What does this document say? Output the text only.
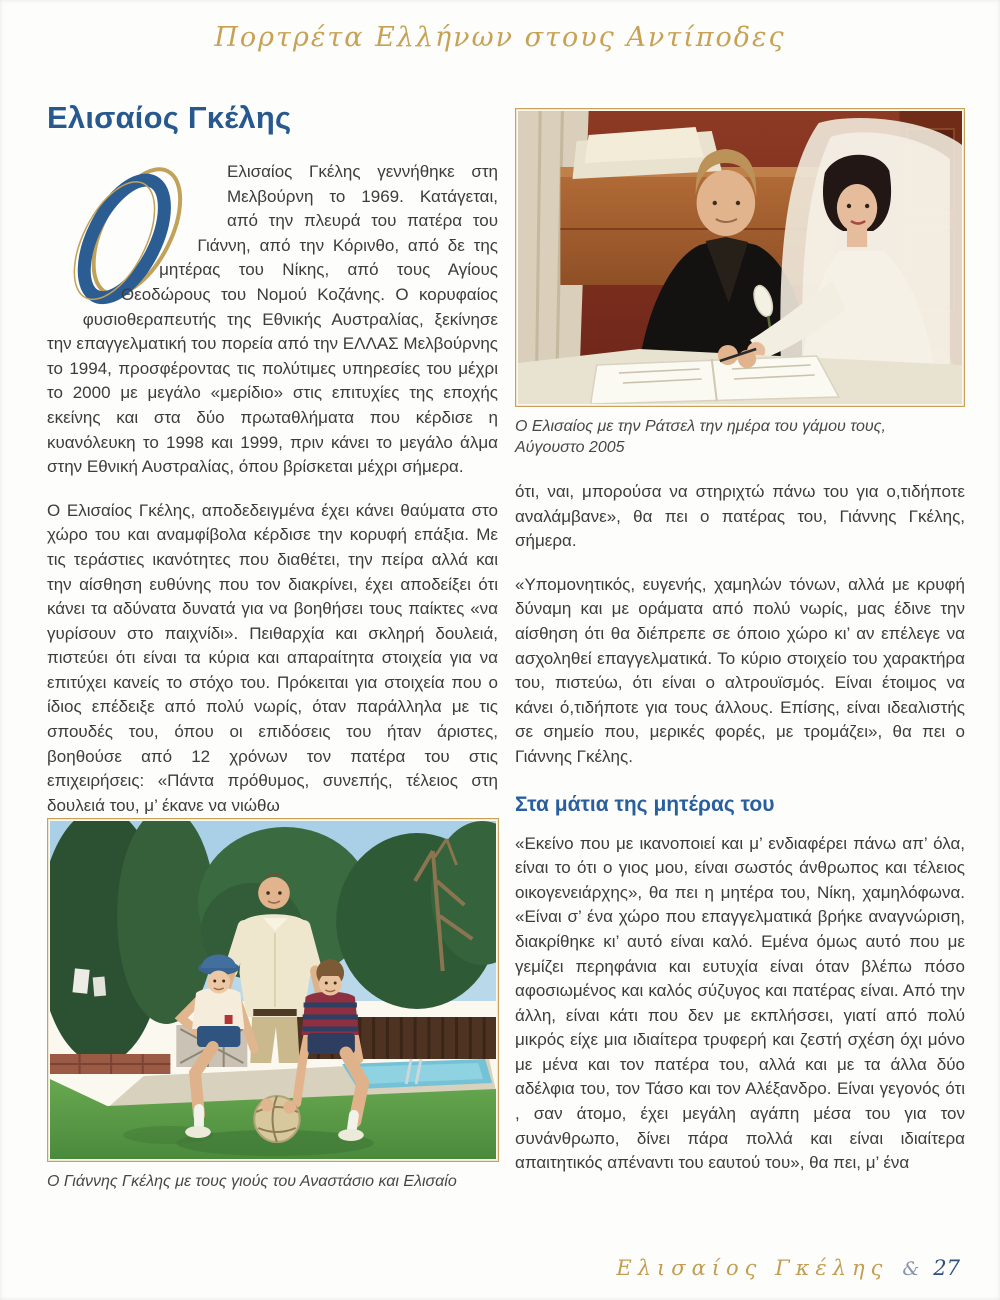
Πορτρέτα Ελλήνων στους Αντίποδες
Ελισαίος Γκέλης

Ελισαίος Γκέλης γεννήθηκε στη Μελβούρνη το 1969. Κατάγεται, από την πλευρά του πατέρα του Γιάννη, από την Κόρινθο, από δε της μητέρας του Νίκης, από τους Αγίους Θεοδώρους του Νομού Κοζάνης. Ο κορυφαίος φυσιοθεραπευτής της Εθνικής Αυστραλίας, ξεκίνησε την επαγγελματική του πορεία από την ΕΛΛΑΣ Μελβούρνης το 1994, προσφέροντας τις πολύτιμες υπηρεσίες του μέχρι το 2000 με μεγάλο «μερίδιο» στις επιτυχίες της εποχής εκείνης και στα δύο πρωταθλήματα που κέρδισε η κυανόλευκη το 1998 και 1999, πριν κάνει το μεγάλο άλμα στην Εθνική Αυστραλίας, όπου βρίσκεται μέχρι σήμερα.

Ο Ελισαίος Γκέλης, αποδεδειγμένα έχει κάνει θαύματα στο χώρο του και αναμφίβολα κέρδισε την κορυφή επάξια. Με τις τεράστιες ικανότητες που διαθέτει, την πείρα αλλά και την αίσθηση ευθύνης που τον διακρίνει, έχει αποδείξει ότι κάνει τα αδύνατα δυνατά για να βοηθήσει τους παίκτες «να γυρίσουν στο παιχνίδι». Πειθαρχία και σκληρή δουλειά, πιστεύει ότι είναι τα κύρια και απαραίτητα στοιχεία για να επιτύχει κανείς το στόχο του. Πρόκειται για στοιχεία που ο ίδιος επέδειξε από πολύ νωρίς, όταν παράλληλα με τις σπουδές του, όπου οι επιδόσεις του ήταν άριστες, βοηθούσε από 12 χρόνων τον πατέρα του στις επιχειρήσεις: «Πάντα πρόθυμος, συνεπής, τέλειος στη δουλειά του, μ’ έκανε να νιώθω

Ο Γιάννης Γκέλης με τους γιούς του Αναστάσιο και Ελισαίο
Ο Ελισαίος με την Ράτσελ την ημέρα του γάμου τους,
Αύγουστο 2005

ότι, ναι, μπορούσα να στηριχτώ πάνω του για ο,τιδήποτε αναλάμβανε», θα πει ο πατέρας του, Γιάννης Γκέλης, σήμερα.

«Υπομονητικός, ευγενής, χαμηλών τόνων, αλλά με κρυφή δύναμη και με οράματα από πολύ νωρίς, μας έδινε την αίσθηση ότι θα διέπρεπε σε όποιο χώρο κι’ αν επέλεγε να ασχοληθεί επαγγελματικά. Το κύριο στοιχείο του χαρακτήρα του, πιστεύω, ότι είναι ο αλτρουϊσμός. Είναι έτοιμος να κάνει ό,τιδήποτε για τους άλλους. Επίσης, είναι ιδεαλιστής σε σημείο που, μερικές φορές, με τρομάζει», θα πει ο Γιάννης Γκέλης.

Στα μάτια της μητέρας του

«Εκείνο που με ικανοποιεί και μ’ ενδιαφέρει πάνω απ’ όλα, είναι το ότι ο γιος μου, είναι σωστός άνθρωπος και τέλειος οικογενειάρχης», θα πει η μητέρα του, Νίκη, χαμηλόφωνα. «Είναι σ’ ένα χώρο που επαγγελματικά βρήκε αναγνώριση, διακρίθηκε κι’ αυτό είναι καλό. Εμένα όμως αυτό που με γεμίζει περηφάνια και ευτυχία είναι όταν βλέπω πόσο αφοσιωμένος και καλός σύζυγος και πατέρας είναι. Από την άλλη, είναι κάτι που δεν με εκπλήσσει, γιατί από πολύ μικρός είχε μια ιδιαίτερα τρυφερή και ζεστή σχέση όχι μόνο με μένα και τον πατέρα του, αλλά και με τα άλλα δύο αδέλφια του, τον Τάσο και τον Αλέξανδρο. Είναι γεγονός ότι , σαν άτομο, έχει μεγάλη αγάπη μέσα του για τον συνάνθρωπο, δίνει πάρα πολλά και είναι ιδιαίτερα απαιτητικός απέναντι του εαυτού του», θα πει, μ’ ένα

Ελισαίος Γκέλης & 27
